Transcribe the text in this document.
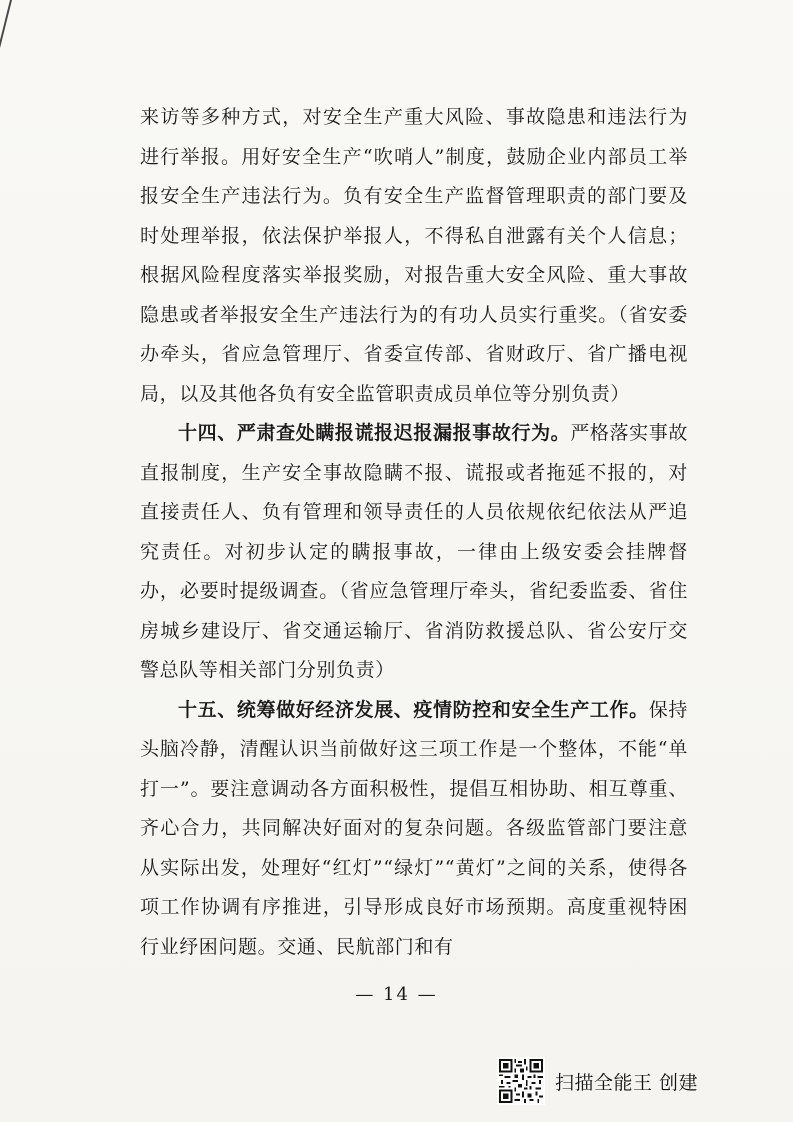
来访等多种方式，对安全生产重大风险、事故隐患和违法行为进行举报。用好安全生产“吹哨人”制度，鼓励企业内部员工举报安全生产违法行为。负有安全生产监督管理职责的部门要及时处理举报，依法保护举报人，不得私自泄露有关个人信息；根据风险程度落实举报奖励，对报告重大安全风险、重大事故隐患或者举报安全生产违法行为的有功人员实行重奖。（省安委办牵头，省应急管理厅、省委宣传部、省财政厅、省广播电视局，以及其他各负有安全监管职责成员单位等分别负责）

十四、严肃查处瞒报谎报迟报漏报事故行为。严格落实事故直报制度，生产安全事故隐瞒不报、谎报或者拖延不报的，对直接责任人、负有管理和领导责任的人员依规依纪依法从严追究责任。对初步认定的瞒报事故，一律由上级安委会挂牌督办，必要时提级调查。（省应急管理厅牵头，省纪委监委、省住房城乡建设厅、省交通运输厅、省消防救援总队、省公安厅交警总队等相关部门分别负责）

十五、统筹做好经济发展、疫情防控和安全生产工作。保持头脑冷静，清醒认识当前做好这三项工作是一个整体，不能“单打一”。要注意调动各方面积极性，提倡互相协助、相互尊重、齐心合力，共同解决好面对的复杂问题。各级监管部门要注意从实际出发，处理好“红灯”“绿灯”“黄灯”之间的关系，使得各项工作协调有序推进，引导形成良好市场预期。高度重视特困行业纾困问题。交通、民航部门和有

— 14 —
扫描全能王 创建
